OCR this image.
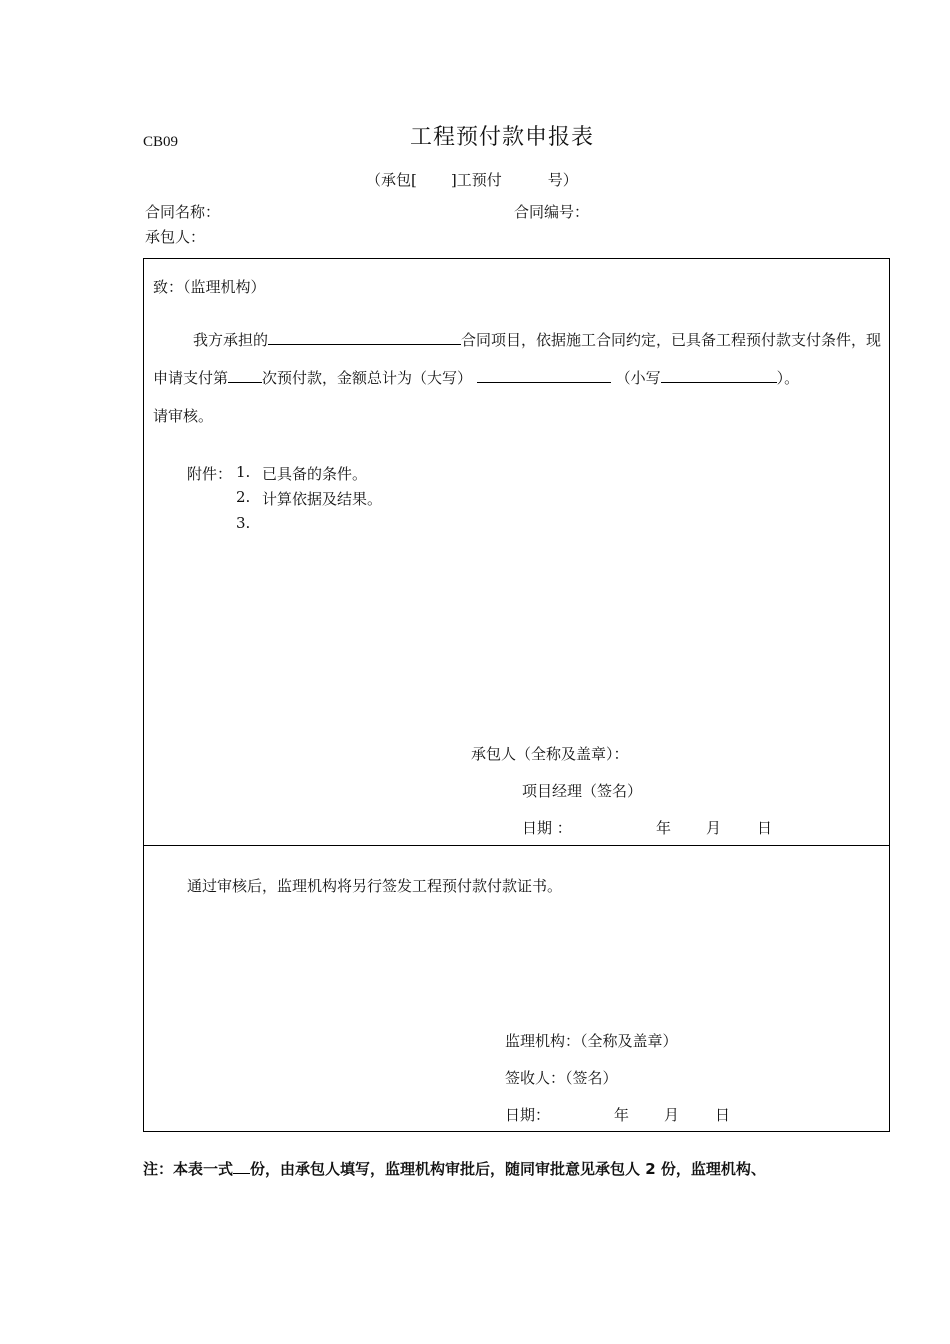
CB09	工程预付款申报表
（承包[ ]工预付	号）
合同名称：	合同编号：
承包人：
致：（监理机构）
我方承担的	合同项目，依据施工合同约定，已具备工程预付款支付条件，现申请支付第 次预付款，金额总计为（大写）	（小写	）。
请审核。
附件： 1. 已具备的条件。
2. 计算依据及结果。
3.
承包人（全称及盖章）：
项目经理（签名）
日期 ：	年 月 日
通过审核后，监理机构将另行签发工程预付款付款证书。
监理机构：（全称及盖章）
签收人：（签名）
日期：	年 月 日
注：本表一式 份，由承包人填写，监理机构审批后，随同审批意见承包人 2 份，监理机构、
